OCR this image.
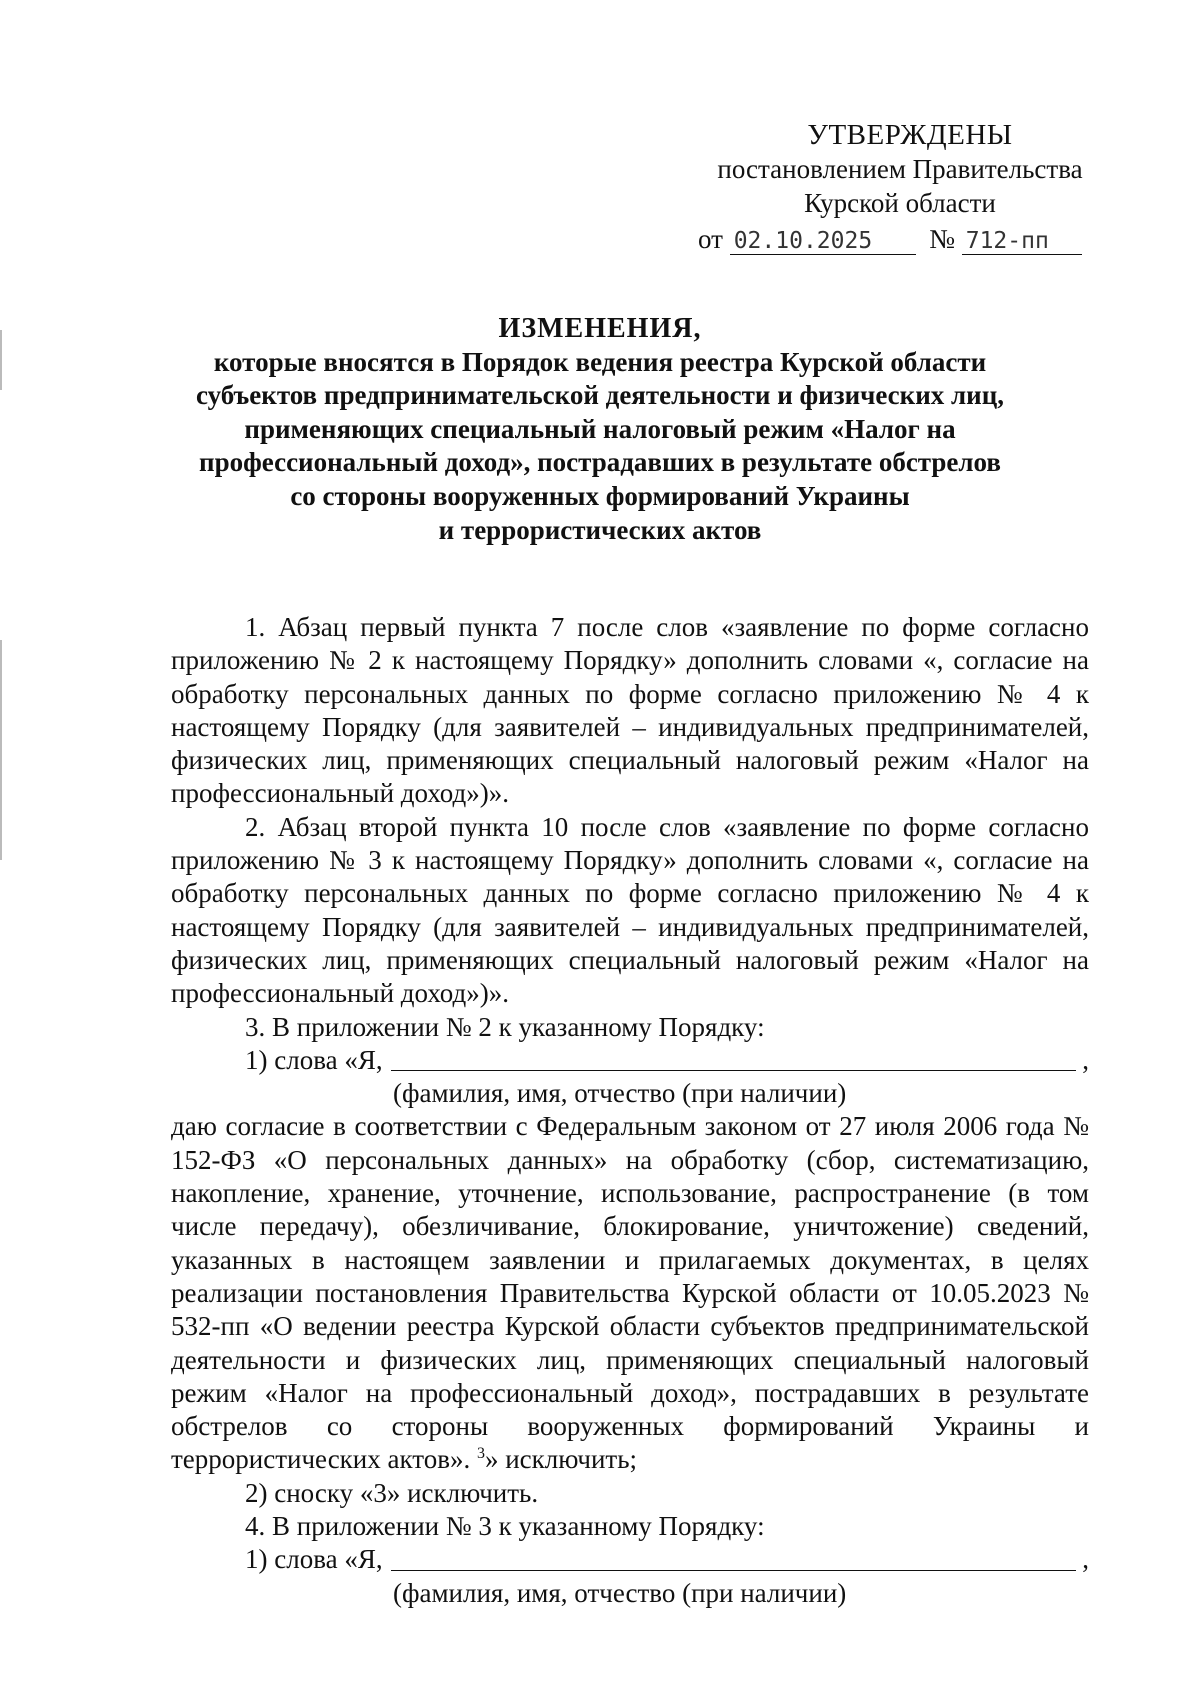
УТВЕРЖДЕНЫ
постановлением Правительства
Курской области
от 02.10.2025 № 712-пп
ИЗМЕНЕНИЯ,
которые вносятся в Порядок ведения реестра Курской области
субъектов предпринимательской деятельности и физических лиц,
применяющих специальный налоговый режим «Налог на
профессиональный доход», пострадавших в результате обстрелов
со стороны вооруженных формирований Украины
и террористических актов

1. Абзац первый пункта 7 после слов «заявление по форме согласно приложению № 2 к настоящему Порядку» дополнить словами «, согласие на обработку персональных данных по форме согласно приложению № 4 к настоящему Порядку (для заявителей – индивидуальных предпринимателей, физических лиц, применяющих специальный налоговый режим «Налог на профессиональный доход»)».

2. Абзац второй пункта 10 после слов «заявление по форме согласно приложению № 3 к настоящему Порядку» дополнить словами «, согласие на обработку персональных данных по форме согласно приложению № 4 к настоящему Порядку (для заявителей – индивидуальных предпринимателей, физических лиц, применяющих специальный налоговый режим «Налог на профессиональный доход»)».

3. В приложении № 2 к указанному Порядку:

1) слова «Я,	,
(фамилия, имя, отчество (при наличии)

даю согласие в соответствии с Федеральным законом от 27 июля 2006 года № 152-ФЗ «О персональных данных» на обработку (сбор, систематизацию, накопление, хранение, уточнение, использование, распространение (в том числе передачу), обезличивание, блокирование, уничтожение) сведений, указанных в настоящем заявлении и прилагаемых документах, в целях реализации постановления Правительства Курской области от 10.05.2023 № 532-пп «О ведении реестра Курской области субъектов предпринимательской деятельности и физических лиц, применяющих специальный налоговый режим «Налог на профессиональный доход», пострадавших в результате обстрелов со стороны вооруженных формирований Украины и террористических актов». $^3$» исключить;

2) сноску «3» исключить.

4. В приложении № 3 к указанному Порядку:

1) слова «Я,	,
(фамилия, имя, отчество (при наличии)
